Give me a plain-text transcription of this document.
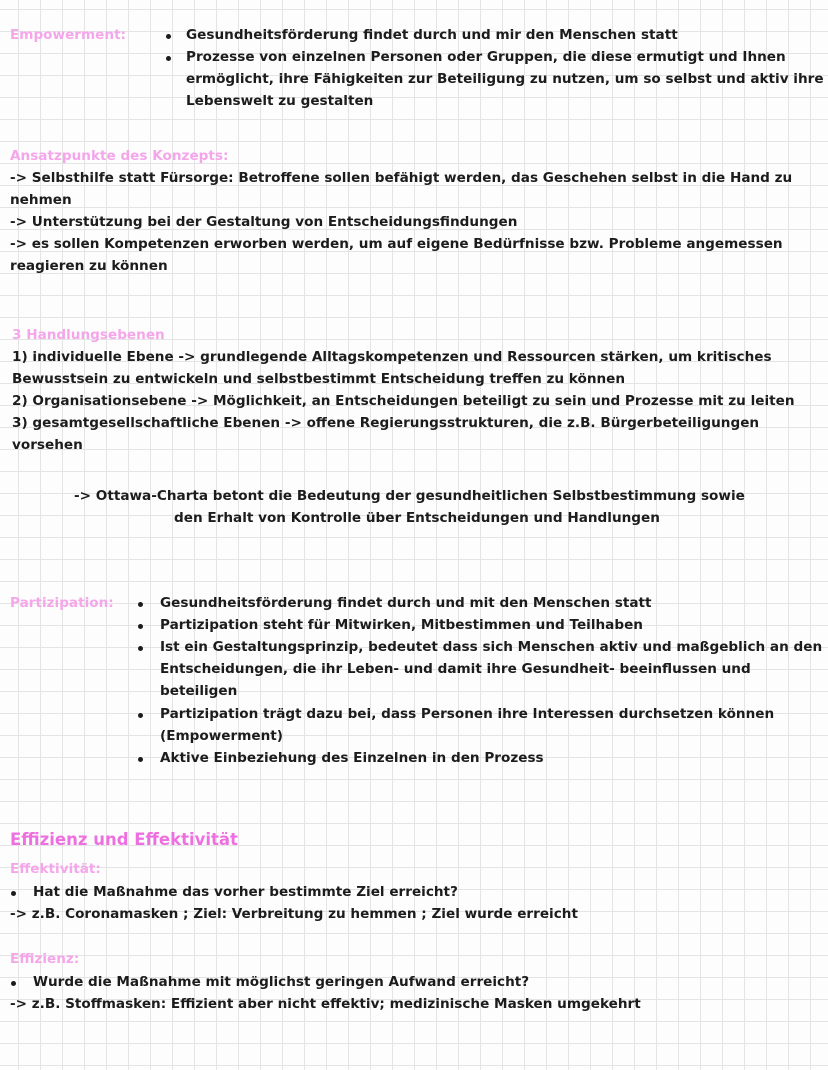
Empowerment:	Gesundheitsförderung findet durch und mir den Menschen statt
Prozesse von einzelnen Personen oder Gruppen, die diese ermutigt und Ihnen
ermöglicht, ihre Fähigkeiten zur Beteiligung zu nutzen, um so selbst und aktiv ihre
Lebenswelt zu gestalten
Ansatzpunkte des Konzepts:
-> Selbsthilfe statt Fürsorge: Betroffene sollen befähigt werden, das Geschehen selbst in die Hand zu
nehmen
-> Unterstützung bei der Gestaltung von Entscheidungsfindungen
-> es sollen Kompetenzen erworben werden, um auf eigene Bedürfnisse bzw. Probleme angemessen
reagieren zu können
3 Handlungsebenen
1) individuelle Ebene -> grundlegende Alltagskompetenzen und Ressourcen stärken, um kritisches
Bewusstsein zu entwickeln und selbstbestimmt Entscheidung treffen zu können
2) Organisationsebene -> Möglichkeit, an Entscheidungen beteiligt zu sein und Prozesse mit zu leiten
3) gesamtgesellschaftliche Ebenen -> offene Regierungsstrukturen, die z.B. Bürgerbeteiligungen
vorsehen
-> Ottawa-Charta betont die Bedeutung der gesundheitlichen Selbstbestimmung sowie
den Erhalt von Kontrolle über Entscheidungen und Handlungen
Partizipation:	Gesundheitsförderung findet durch und mit den Menschen statt
Partizipation steht für Mitwirken, Mitbestimmen und Teilhaben
Ist ein Gestaltungsprinzip, bedeutet dass sich Menschen aktiv und maßgeblich an den
Entscheidungen, die ihr Leben- und damit ihre Gesundheit- beeinflussen und
beteiligen
Partizipation trägt dazu bei, dass Personen ihre Interessen durchsetzen können
(Empowerment)
Aktive Einbeziehung des Einzelnen in den Prozess
Effizienz und Effektivität
Effektivität:
Hat die Maßnahme das vorher bestimmte Ziel erreicht?
-> z.B. Coronamasken ; Ziel: Verbreitung zu hemmen ; Ziel wurde erreicht
Effizienz:
Wurde die Maßnahme mit möglichst geringen Aufwand erreicht?
-> z.B. Stoffmasken: Effizient aber nicht effektiv; medizinische Masken umgekehrt
